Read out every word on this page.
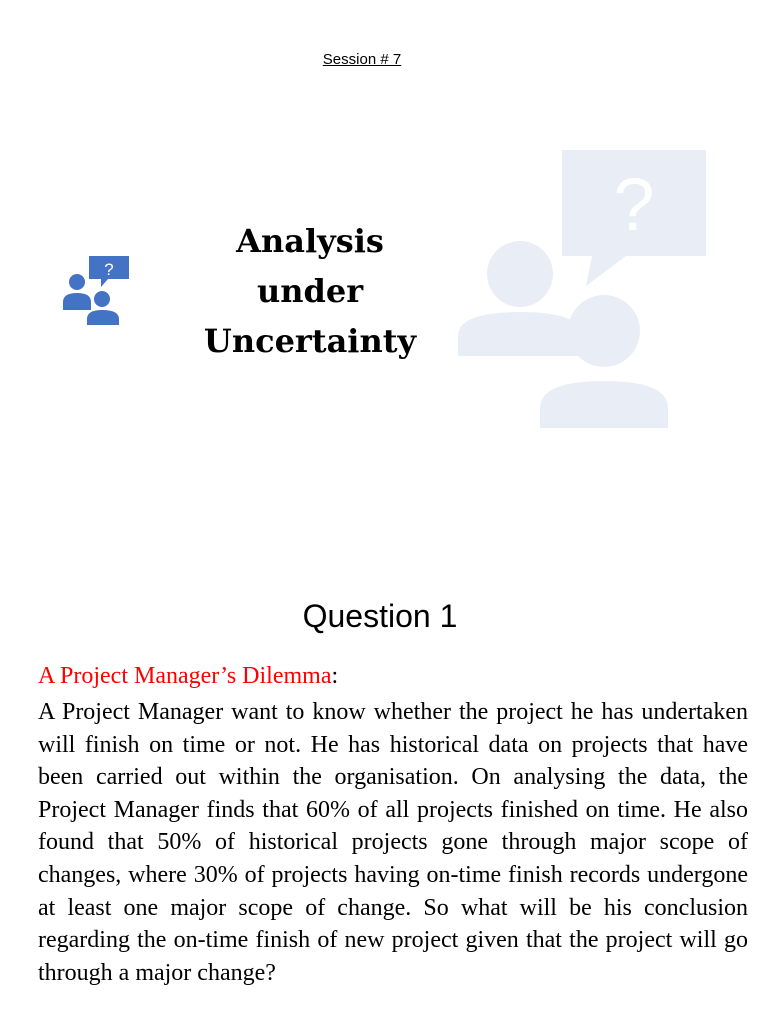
Session # 7
Analysis
under
Uncertainty
?
?
Question 1
A Project Manager’s Dilemma:

A Project Manager want to know whether the project he has undertaken will finish on time or not. He has historical data on projects that have been carried out within the organisation. On analysing the data, the Project Manager finds that 60% of all projects finished on time. He also found that 50% of historical projects gone through major scope of changes, where 30% of projects having on-time finish records undergone at least one major scope of change. So what will be his conclusion regarding the on-time finish of new project given that the project will go through a major change?
